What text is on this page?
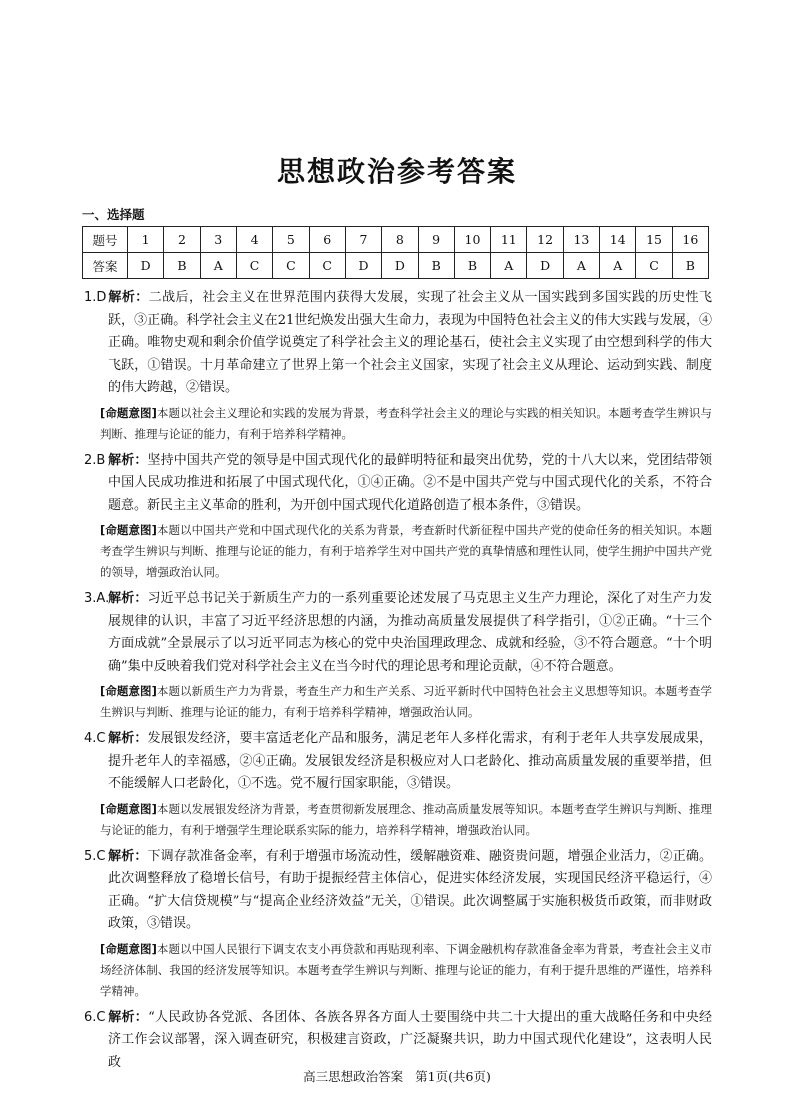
思想政治参考答案
一、选择题
题号	1	2	3	4	5	6	7	8	9	10	11	12	13	14	15	16
答案	D	B	A	C	C	C	D	D	B	B	A	D	A	A	C	B
1.D 解析：二战后，社会主义在世界范围内获得大发展，实现了社会主义从一国实践到多国实践的历史性飞跃，③正确。科学社会主义在21世纪焕发出强大生命力，表现为中国特色社会主义的伟大实践与发展，④正确。唯物史观和剩余价值学说奠定了科学社会主义的理论基石，使社会主义实现了由空想到科学的伟大飞跃，①错误。十月革命建立了世界上第一个社会主义国家，实现了社会主义从理论、运动到实践、制度的伟大跨越，②错误。
[命题意图]本题以社会主义理论和实践的发展为背景，考查科学社会主义的理论与实践的相关知识。本题考查学生辨识与判断、推理与论证的能力，有利于培养科学精神。
2.B 解析：坚持中国共产党的领导是中国式现代化的最鲜明特征和最突出优势，党的十八大以来，党团结带领中国人民成功推进和拓展了中国式现代化，①④正确。②不是中国共产党与中国式现代化的关系，不符合题意。新民主主义革命的胜利，为开创中国式现代化道路创造了根本条件，③错误。
[命题意图]本题以中国共产党和中国式现代化的关系为背景，考查新时代新征程中国共产党的使命任务的相关知识。本题考查学生辨识与判断、推理与论证的能力，有利于培养学生对中国共产党的真挚情感和理性认同，使学生拥护中国共产党的领导，增强政治认同。
3.A.解析：习近平总书记关于新质生产力的一系列重要论述发展了马克思主义生产力理论，深化了对生产力发展规律的认识，丰富了习近平经济思想的内涵，为推动高质量发展提供了科学指引，①②正确。“十三个方面成就”全景展示了以习近平同志为核心的党中央治国理政理念、成就和经验，③不符合题意。“十个明确”集中反映着我们党对科学社会主义在当今时代的理论思考和理论贡献，④不符合题意。
[命题意图]本题以新质生产力为背景，考查生产力和生产关系、习近平新时代中国特色社会主义思想等知识。本题考查学生辨识与判断、推理与论证的能力，有利于培养科学精神，增强政治认同。
4.C 解析：发展银发经济，要丰富适老化产品和服务，满足老年人多样化需求，有利于老年人共享发展成果，提升老年人的幸福感，②④正确。发展银发经济是积极应对人口老龄化、推动高质量发展的重要举措，但不能缓解人口老龄化，①不选。党不履行国家职能，③错误。
[命题意图]本题以发展银发经济为背景，考查贯彻新发展理念、推动高质量发展等知识。本题考查学生辨识与判断、推理与论证的能力，有利于增强学生理论联系实际的能力，培养科学精神，增强政治认同。
5.C 解析：下调存款准备金率，有利于增强市场流动性，缓解融资难、融资贵问题，增强企业活力，②正确。此次调整释放了稳增长信号，有助于提振经营主体信心，促进实体经济发展，实现国民经济平稳运行，④正确。“扩大信贷规模”与“提高企业经济效益”无关，①错误。此次调整属于实施积极货币政策，而非财政政策，③错误。
[命题意图]本题以中国人民银行下调支农支小再贷款和再贴现利率、下调金融机构存款准备金率为背景，考查社会主义市场经济体制、我国的经济发展等知识。本题考查学生辨识与判断、推理与论证的能力，有利于提升思维的严谨性，培养科学精神。
6.C 解析：“人民政协各党派、各团体、各族各界各方面人士要围绕中共二十大提出的重大战略任务和中央经济工作会议部署，深入调查研究，积极建言资政，广泛凝聚共识，助力中国式现代化建设”，这表明人民政
高三思想政治答案 第1页(共6页)
